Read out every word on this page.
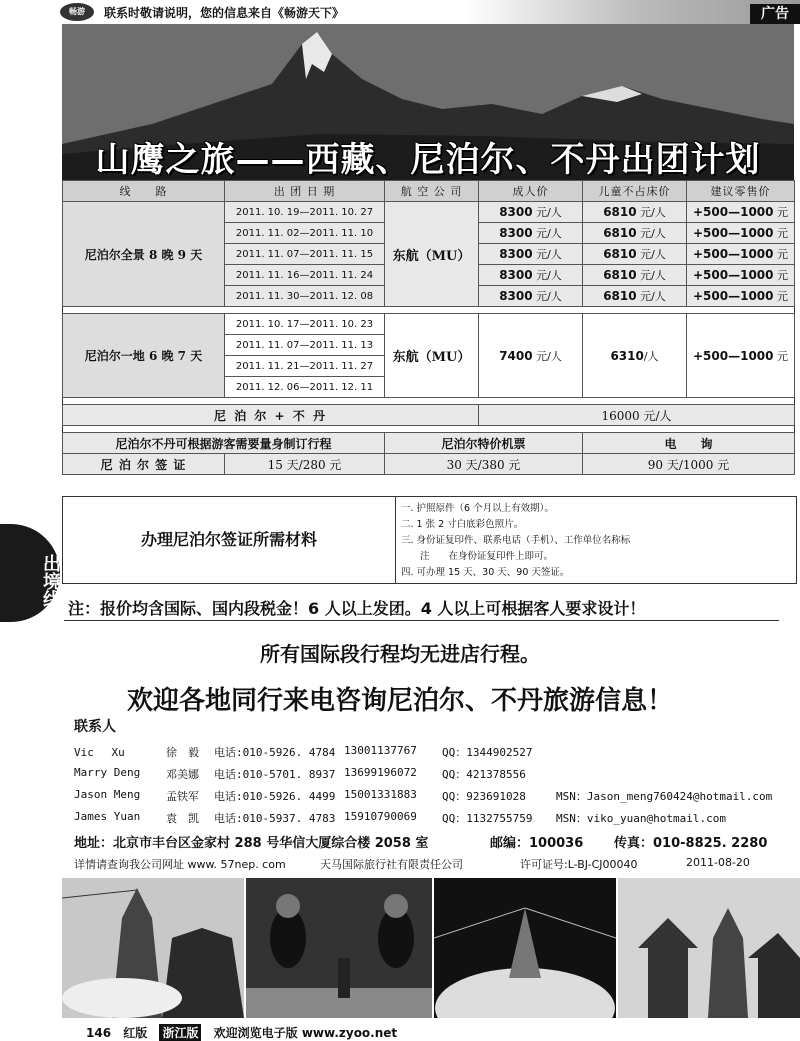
畅游	联系时敬请说明，您的信息来自《畅游天下》	广告
山鹰之旅——西藏、尼泊尔、不丹出团计划
线　　路	出 团 日 期	航 空 公 司	成人价	儿童不占床价	建议零售价
尼泊尔全景 8 晚 9 天	2011. 10. 19—2011. 10. 27	东航（MU）	8300 元/人	6810 元/人	+500—1000 元
	2011. 11. 02—2011. 11. 10		8300 元/人	6810 元/人	+500—1000 元
	2011. 11. 07—2011. 11. 15		8300 元/人	6810 元/人	+500—1000 元
	2011. 11. 16—2011. 11. 24		8300 元/人	6810 元/人	+500—1000 元
	2011. 11. 30—2011. 12. 08		8300 元/人	6810 元/人	+500—1000 元

尼泊尔一地 6 晚 7 天	2011. 10. 17—2011. 10. 23	东航（MU）	7400 元/人	6310/人	+500—1000 元
	2011. 11. 07—2011. 11. 13				
	2011. 11. 21—2011. 11. 27				
	2011. 12. 06—2011. 12. 11				

尼 泊 尔 + 不 丹			16000 元/人		

尼泊尔不丹可根据游客需要量身制订行程		尼泊尔特价机票		电　　询	
尼 泊 尔 签 证	15 天/280 元	30 天/380 元		90 天/1000 元	
办理尼泊尔签证所需材料
一. 护照原件（6 个月以上有效期）。
二. 1 张 2 寸白底彩色照片。
三. 身份证复印件、联系电话（手机）、工作单位名称标
　　注　　在身份证复印件上即可。
四. 可办理 15 天、30 天、90 天签证。
出境线
注：报价均含国际、国内段税金！6 人以上发团。4 人以上可根据客人要求设计！
所有国际段行程均无进店行程。
欢迎各地同行来电咨询尼泊尔、不丹旅游信息！
联系人
Vic　 Xu	徐　毅 电话:010-5926. 4784 13001137767 QQ：1344902527
Marry Deng 邓美娜 电话:010-5701. 8937 13699196072 QQ：421378556
Jason Meng 孟铁军 电话:010-5926. 4499 15001331883 QQ：923691028	MSN：Jason_meng760424@hotmail.com
James Yuan 袁　凯 电话:010-5937. 4783 15910790069 QQ：1132755759 MSN：viko_yuan@hotmail.com
地址：北京市丰台区金家村 288 号华信大厦综合楼 2058 室	邮编：100036 传真：010-8825. 2280
详情请查询我公司网址 www. 57nep. com	天马国际旅行社有限责任公司	许可证号:L-BJ-CJ00040	2011-08-20
146 红版 浙江版 欢迎浏览电子版 www.zyoo.net
